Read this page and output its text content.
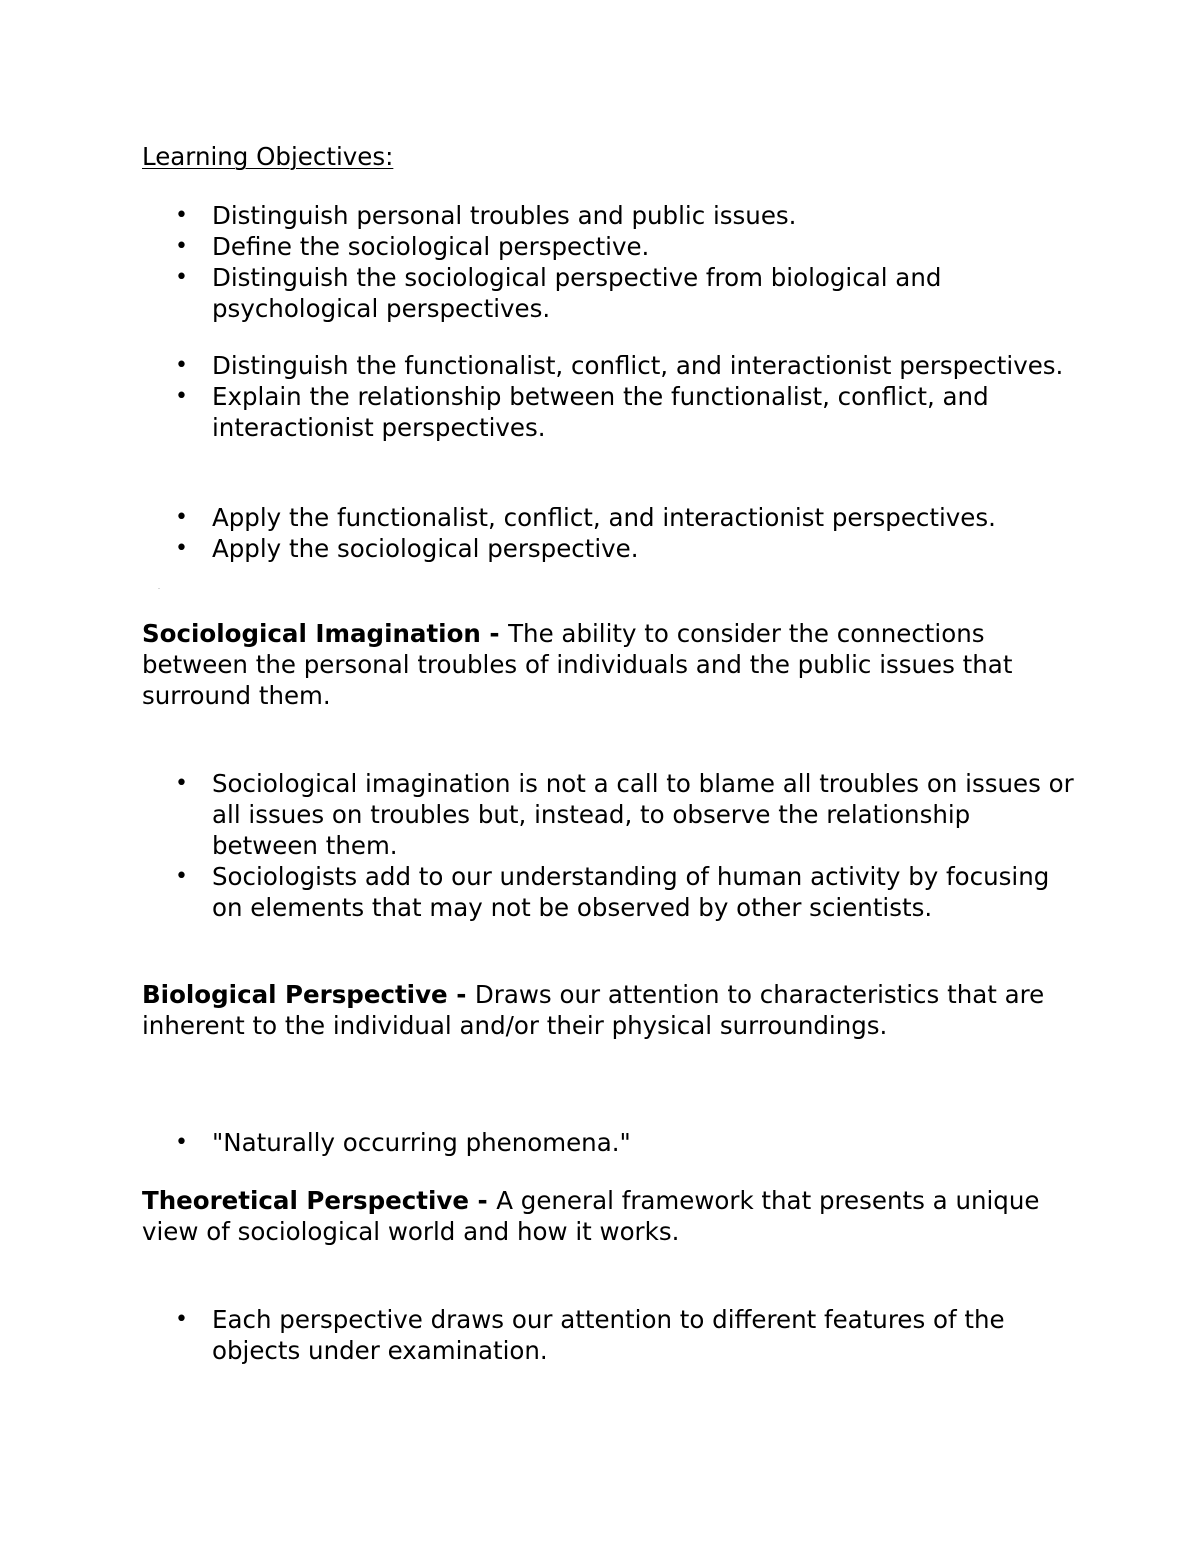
Learning Objectives:

• Distinguish personal troubles and public issues.
• Define the sociological perspective.
• Distinguish the sociological perspective from biological and psychological perspectives.
• Distinguish the functionalist, conflict, and interactionist perspectives.
• Explain the relationship between the functionalist, conflict, and interactionist perspectives.
• Apply the functionalist, conflict, and interactionist perspectives.
• Apply the sociological perspective.

Sociological Imagination - The ability to consider the connections between the personal troubles of individuals and the public issues that surround them.

• Sociological imagination is not a call to blame all troubles on issues or all issues on troubles but, instead, to observe the relationship between them.
• Sociologists add to our understanding of human activity by focusing on elements that may not be observed by other scientists.

Biological Perspective - Draws our attention to characteristics that are inherent to the individual and/or their physical surroundings.

• "Naturally occurring phenomena."

Theoretical Perspective - A general framework that presents a unique view of sociological world and how it works.

• Each perspective draws our attention to different features of the objects under examination.
